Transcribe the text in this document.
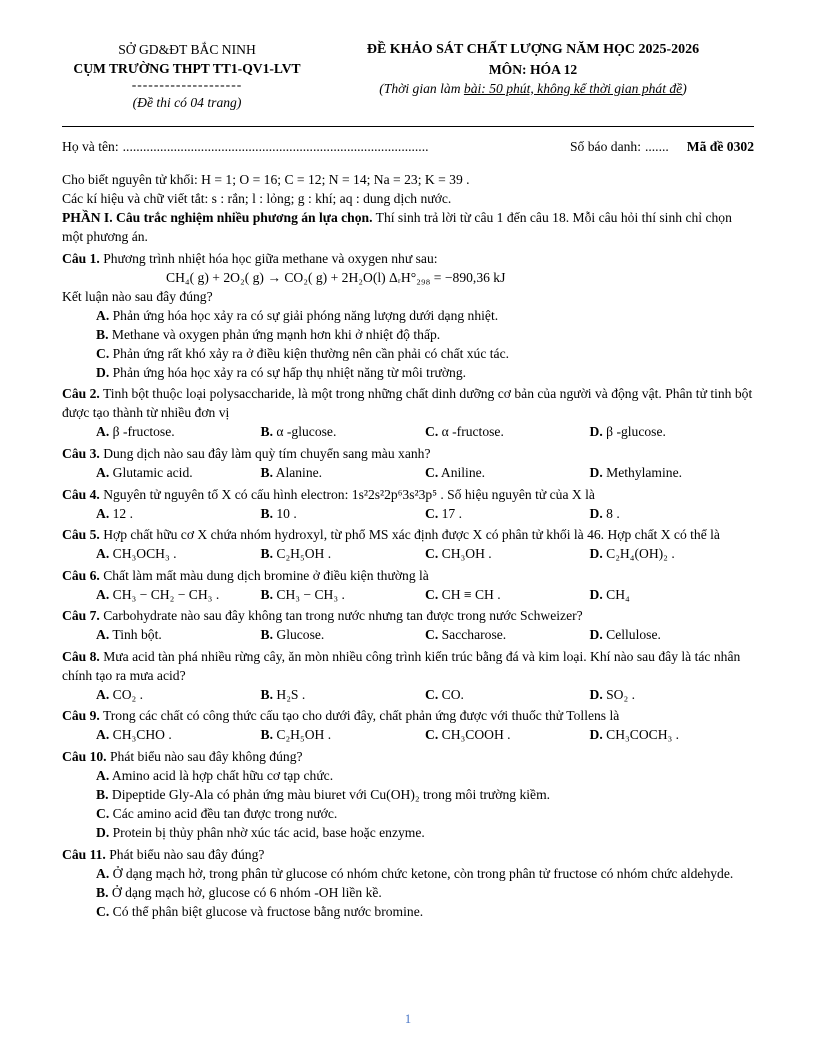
SỞ GD&ĐT BẮC NINH
CỤM TRƯỜNG THPT TT1-QV1-LVT
--------------------
(Đề thi có 04 trang)
ĐỀ KHẢO SÁT CHẤT LƯỢNG NĂM HỌC 2025-2026
MÔN: HÓA 12
(Thời gian làm bài: 50 phút, không kể thời gian phát đề)
Họ và tên: ..........................................................................................	Số báo danh: ....... Mã đề 0302

Cho biết nguyên tử khối: H = 1; O = 16; C = 12; N = 14; Na = 23; K = 39 .

Các kí hiệu và chữ viết tắt: s : rắn; l : lỏng; g : khí; aq : dung dịch nước.

PHẦN I. Câu trắc nghiệm nhiều phương án lựa chọn. Thí sinh trả lời từ câu 1 đến câu 18. Mỗi câu hỏi thí sinh chỉ chọn một phương án.

Câu 1. Phương trình nhiệt hóa học giữa methane và oxygen như sau:

CH₄( g) + 2O₂( g) → CO₂( g) + 2H₂O(l) ΔᵣH°₂₉₈ = −890,36 kJ

Kết luận nào sau đây đúng?

A. Phản ứng hóa học xảy ra có sự giải phóng năng lượng dưới dạng nhiệt.

B. Methane và oxygen phản ứng mạnh hơn khi ở nhiệt độ thấp.

C. Phản ứng rất khó xảy ra ở điều kiện thường nên cần phải có chất xúc tác.

D. Phản ứng hóa học xảy ra có sự hấp thụ nhiệt năng từ môi trường.

Câu 2. Tinh bột thuộc loại polysaccharide, là một trong những chất dinh dưỡng cơ bản của người và động vật. Phân tử tinh bột được tạo thành từ nhiều đơn vị

A. β -fructose.	B. α -glucose.	C. α -fructose.	D. β -glucose.

Câu 3. Dung dịch nào sau đây làm quỳ tím chuyển sang màu xanh?

A. Glutamic acid.	B. Alanine.	C. Aniline.	D. Methylamine.

Câu 4. Nguyên tử nguyên tố X có cấu hình electron: 1s²2s²2p⁶3s²3p⁵ . Số hiệu nguyên tử của X là

A. 12 .	B. 10 .	C. 17 .	D. 8 .

Câu 5. Hợp chất hữu cơ X chứa nhóm hydroxyl, từ phổ MS xác định được X có phân tử khối là 46. Hợp chất X có thể là

A. CH₃OCH₃ .	B. C₂H₅OH .	C. CH₃OH .	D. C₂H₄(OH)₂ .

Câu 6. Chất làm mất màu dung dịch bromine ở điều kiện thường là

A. CH₃ − CH₂ − CH₃ .	B. CH₃ − CH₃ .	C. CH ≡ CH .	D. CH₄

Câu 7. Carbohydrate nào sau đây không tan trong nước nhưng tan được trong nước Schweizer?

A. Tinh bột.	B. Glucose.	C. Saccharose.	D. Cellulose.

Câu 8. Mưa acid tàn phá nhiều rừng cây, ăn mòn nhiều công trình kiến trúc bằng đá và kim loại. Khí nào sau đây là tác nhân chính tạo ra mưa acid?

A. CO₂ .	B. H₂S .	C. CO.	D. SO₂ .

Câu 9. Trong các chất có công thức cấu tạo cho dưới đây, chất phản ứng được với thuốc thử Tollens là

A. CH₃CHO .	B. C₂H₅OH .	C. CH₃COOH .	D. CH₃COCH₃ .

Câu 10. Phát biểu nào sau đây không đúng?

A. Amino acid là hợp chất hữu cơ tạp chức.

B. Dipeptide Gly-Ala có phản ứng màu biuret với Cu(OH)₂ trong môi trường kiềm.

C. Các amino acid đều tan được trong nước.

D. Protein bị thủy phân nhờ xúc tác acid, base hoặc enzyme.

Câu 11. Phát biểu nào sau đây đúng?

A. Ở dạng mạch hở, trong phân tử glucose có nhóm chức ketone, còn trong phân tử fructose có nhóm chức aldehyde.

B. Ở dạng mạch hở, glucose có 6 nhóm -OH liền kề.

C. Có thể phân biệt glucose và fructose bằng nước bromine.

1
